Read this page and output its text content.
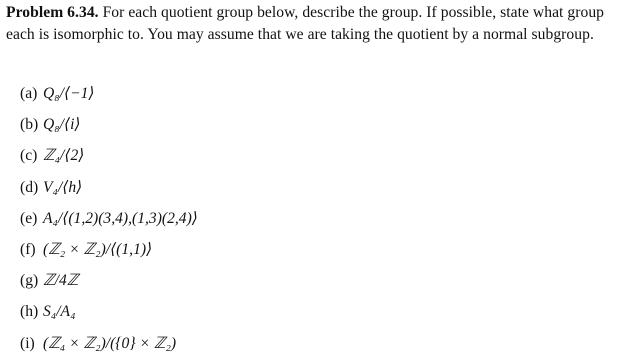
Problem 6.34. For each quotient group below, describe the group. If possible, state what group each is isomorphic to. You may assume that we are taking the quotient by a normal subgroup.
(a) Q₈/⟨−1⟩
(b) Q₈/⟨i⟩
(c) ℤ₄/⟨2⟩
(d) V₄/⟨h⟩
(e) A₄/⟨(1,2)(3,4),(1,3)(2,4)⟩
(f) (ℤ₂ × ℤ₂)/⟨(1,1)⟩
(g) ℤ/4ℤ
(h) S₄/A₄
(i) (ℤ₄ × ℤ₂)/({0} × ℤ₂)
